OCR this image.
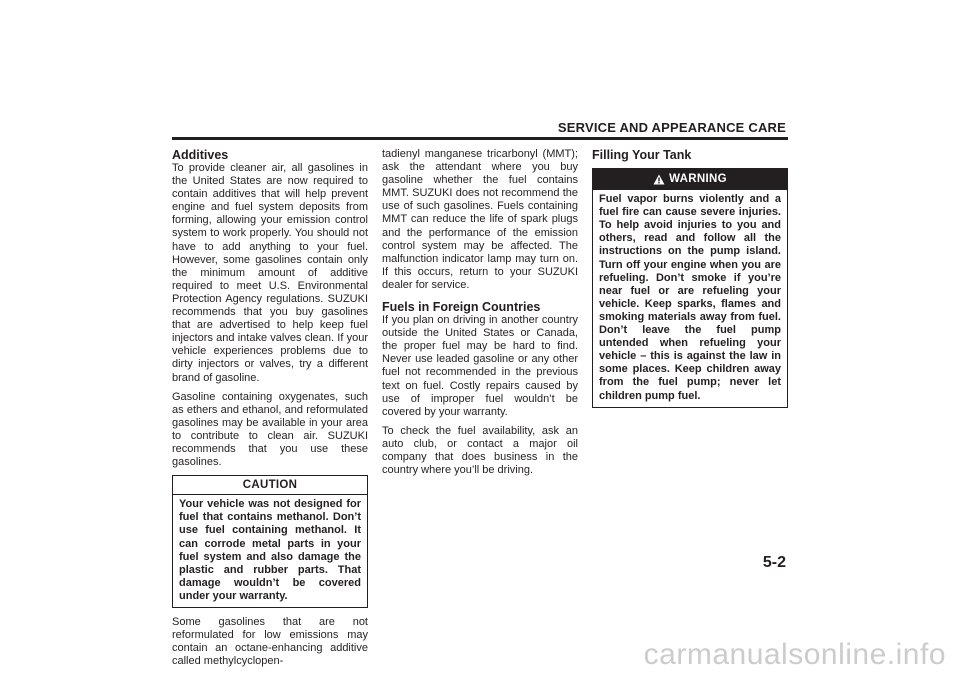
SERVICE AND APPEARANCE CARE
Additives

To provide cleaner air, all gasolines in the United States are now required to contain additives that will help prevent engine and fuel system deposits from forming, allowing your emission control system to work properly. You should not have to add anything to your fuel. However, some gasolines contain only the minimum amount of additive required to meet U.S. Environmental Protection Agency regulations. SUZUKI recommends that you buy gasolines that are advertised to help keep fuel injectors and intake valves clean. If your vehicle experiences problems due to dirty injectors or valves, try a different brand of gasoline.

Gasoline containing oxygenates, such as ethers and ethanol, and reformulated gasolines may be available in your area to contribute to clean air. SUZUKI recommends that you use these gasolines.

CAUTION
Your vehicle was not designed for fuel that contains methanol. Don’t use fuel containing methanol. It can corrode metal parts in your fuel system and also damage the plastic and rubber parts. That damage wouldn’t be covered under your warranty.

Some gasolines that are not reformulated for low emissions may contain an octane-enhancing additive called methylcyclopen-

tadienyl manganese tricarbonyl (MMT); ask the attendant where you buy gasoline whether the fuel contains MMT. SUZUKI does not recommend the use of such gasolines. Fuels containing MMT can reduce the life of spark plugs and the performance of the emission control system may be affected. The malfunction indicator lamp may turn on. If this occurs, return to your SUZUKI dealer for service.

Fuels in Foreign Countries

If you plan on driving in another country outside the United States or Canada, the proper fuel may be hard to find. Never use leaded gasoline or any other fuel not recommended in the previous text on fuel. Costly repairs caused by use of improper fuel wouldn’t be covered by your warranty.

To check the fuel availability, ask an auto club, or contact a major oil company that does business in the country where you’ll be driving.

Filling Your Tank
WARNING
Fuel vapor burns violently and a fuel fire can cause severe injuries. To help avoid injuries to you and others, read and follow all the instructions on the pump island. Turn off your engine when you are refueling. Don’t smoke if you’re near fuel or are refueling your vehicle. Keep sparks, flames and smoking materials away from fuel. Don’t leave the fuel pump untended when refueling your vehicle – this is against the law in some places. Keep children away from the fuel pump; never let children pump fuel.
5-2
carmanualsonline.info
